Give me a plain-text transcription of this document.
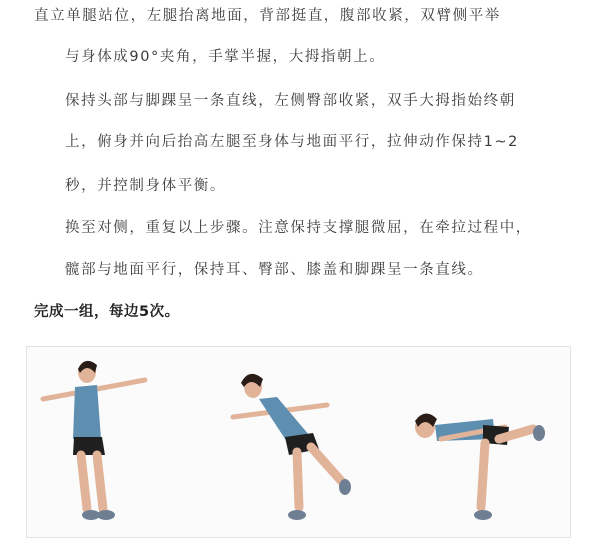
直立单腿站位，左腿抬离地面，背部挺直，腹部收紧，双臂侧平举
与身体成90°夹角，手掌半握，大拇指朝上。
保持头部与脚踝呈一条直线，左侧臀部收紧，双手大拇指始终朝
上，俯身并向后抬高左腿至身体与地面平行，拉伸动作保持1~2
秒，并控制身体平衡。
换至对侧，重复以上步骤。注意保持支撑腿微屈，在牵拉过程中，
髋部与地面平行，保持耳、臀部、膝盖和脚踝呈一条直线。
完成一组，每边5次。
